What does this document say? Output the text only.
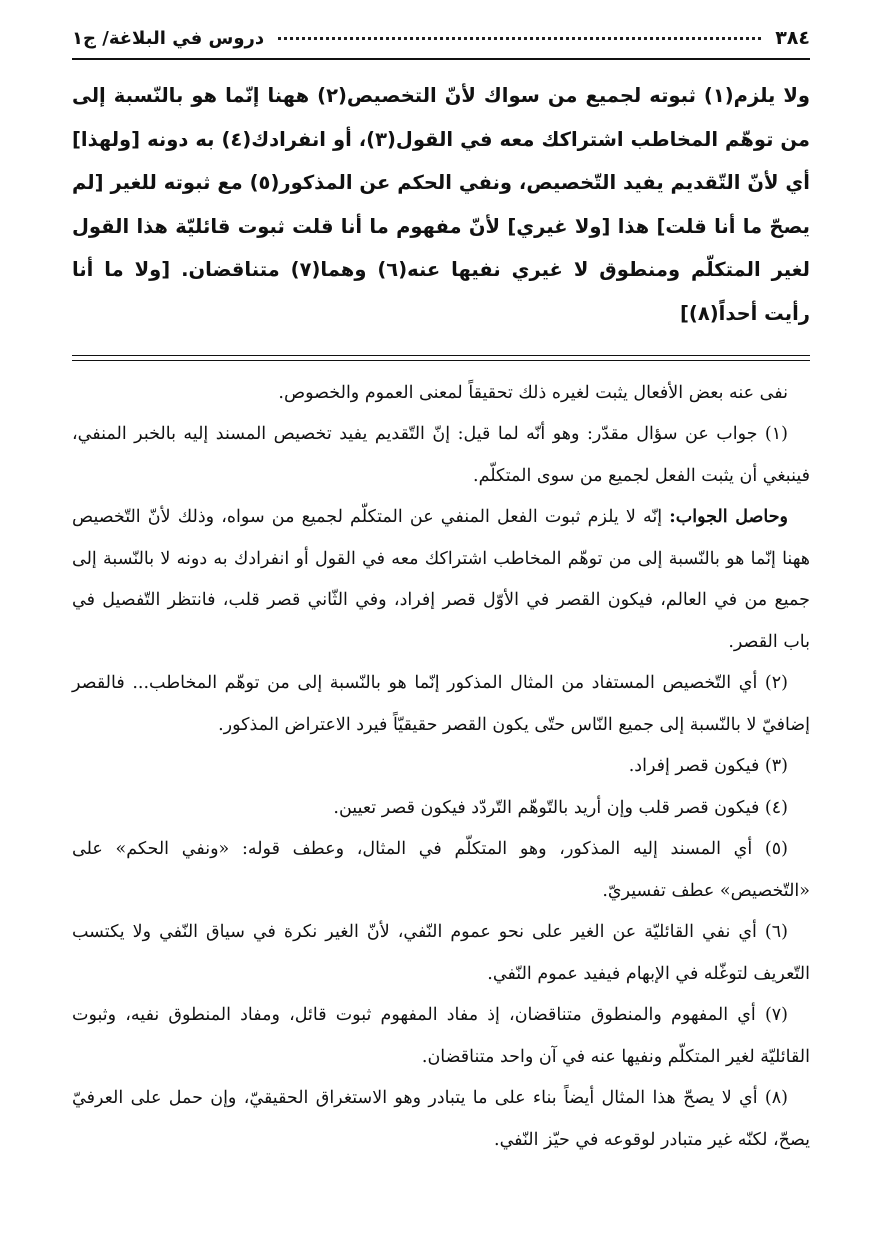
٣٨٤
دروس في البلاغة/ ج١

ولا يلزم(١) ثبوته لجميع من سواك لأنّ التخصيص(٢) ههنا إنّما هو بالنّسبة إلى من توهّم المخاطب اشتراكك معه في القول(٣)، أو انفرادك(٤) به دونه [ولهذا] أي لأنّ التّقديم يفيد التّخصيص، ونفي الحكم عن المذكور(٥) مع ثبوته للغير [لم يصحّ ما أنا قلت] هذا [ولا غيري] لأنّ مفهوم ما أنا قلت ثبوت قائليّة هذا القول لغير المتكلّم ومنطوق لا غيري نفيها عنه(٦) وهما(٧) متناقضان. [ولا ما أنا رأيت أحداً(٨)]

نفى عنه بعض الأفعال يثبت لغيره ذلك تحقيقاً لمعنى العموم والخصوص.

(١) جواب عن سؤال مقدّر: وهو أنّه لما قيل: إنّ التّقديم يفيد تخصيص المسند إليه بالخبر المنفي، فينبغي أن يثبت الفعل لجميع من سوى المتكلّم.

وحاصل الجواب: إنّه لا يلزم ثبوت الفعل المنفي عن المتكلّم لجميع من سواه، وذلك لأنّ التّخصيص ههنا إنّما هو بالنّسبة إلى من توهّم المخاطب اشتراكك معه في القول أو انفرادك به دونه لا بالنّسبة إلى جميع من في العالم، فيكون القصر في الأوّل قصر إفراد، وفي الثّاني قصر قلب، فانتظر التّفصيل في باب القصر.

(٢) أي التّخصيص المستفاد من المثال المذكور إنّما هو بالنّسبة إلى من توهّم المخاطب... فالقصر إضافيّ لا بالنّسبة إلى جميع النّاس حتّى يكون القصر حقيقيّاً فيرد الاعتراض المذكور.

(٣) فيكون قصر إفراد.

(٤) فيكون قصر قلب وإن أريد بالتّوهّم التّردّد فيكون قصر تعيين.

(٥) أي المسند إليه المذكور، وهو المتكلّم في المثال، وعطف قوله: «ونفي الحكم» على «التّخصيص» عطف تفسيريّ.

(٦) أي نفي القائليّة عن الغير على نحو عموم النّفي، لأنّ الغير نكرة في سياق النّفي ولا يكتسب التّعريف لتوغّله في الإبهام فيفيد عموم النّفي.

(٧) أي المفهوم والمنطوق متناقضان، إذ مفاد المفهوم ثبوت قائل، ومفاد المنطوق نفيه، وثبوت القائليّة لغير المتكلّم ونفيها عنه في آن واحد متناقضان.

(٨) أي لا يصحّ هذا المثال أيضاً بناء على ما يتبادر وهو الاستغراق الحقيقيّ، وإن حمل على العرفيّ يصحّ، لكنّه غير متبادر لوقوعه في حيّز النّفي.
